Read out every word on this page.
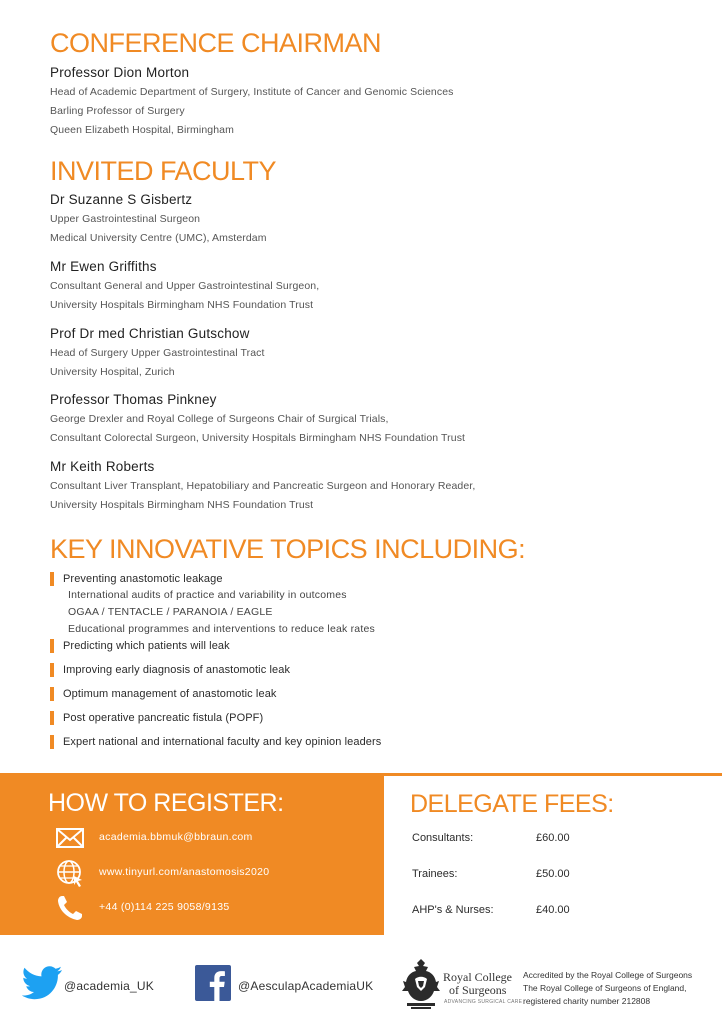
CONFERENCE CHAIRMAN

Professor Dion Morton

Head of Academic Department of Surgery, Institute of Cancer and Genomic Sciences

Barling Professor of Surgery

Queen Elizabeth Hospital, Birmingham

INVITED FACULTY

Dr Suzanne S Gisbertz

Upper Gastrointestinal Surgeon

Medical University Centre (UMC), Amsterdam

Mr Ewen Griffiths

Consultant General and Upper Gastrointestinal Surgeon,

University Hospitals Birmingham NHS Foundation Trust

Prof Dr med Christian Gutschow

Head of Surgery Upper Gastrointestinal Tract

University Hospital, Zurich

Professor Thomas Pinkney

George Drexler and Royal College of Surgeons Chair of Surgical Trials,

Consultant Colorectal Surgeon, University Hospitals Birmingham NHS Foundation Trust

Mr Keith Roberts

Consultant Liver Transplant, Hepatobiliary and Pancreatic Surgeon and Honorary Reader,

University Hospitals Birmingham NHS Foundation Trust

KEY INNOVATIVE TOPICS INCLUDING:
Preventing anastomotic leakage
International audits of practice and variability in outcomes
OGAA / TENTACLE / PARANOIA / EAGLE
Educational programmes and interventions to reduce leak rates
Predicting which patients will leak
Improving early diagnosis of anastomotic leak
Optimum management of anastomotic leak
Post operative pancreatic fistula (POPF)
Expert national and international faculty and key opinion leaders
HOW TO REGISTER:
academia.bbmuk@bbraun.com
www.tinyurl.com/anastomosis2020
+44 (0)114 225 9058/9135
DELEGATE FEES:
Consultants:	£60.00
Trainees:	£50.00
AHP's & Nurses:	£40.00
@academia_UK	@AesculapAcademiaUK
Royal College
of Surgeons
ADVANCING SURGICAL CARE
Accredited by the Royal College of Surgeons
The Royal College of Surgeons of England,
registered charity number 212808
